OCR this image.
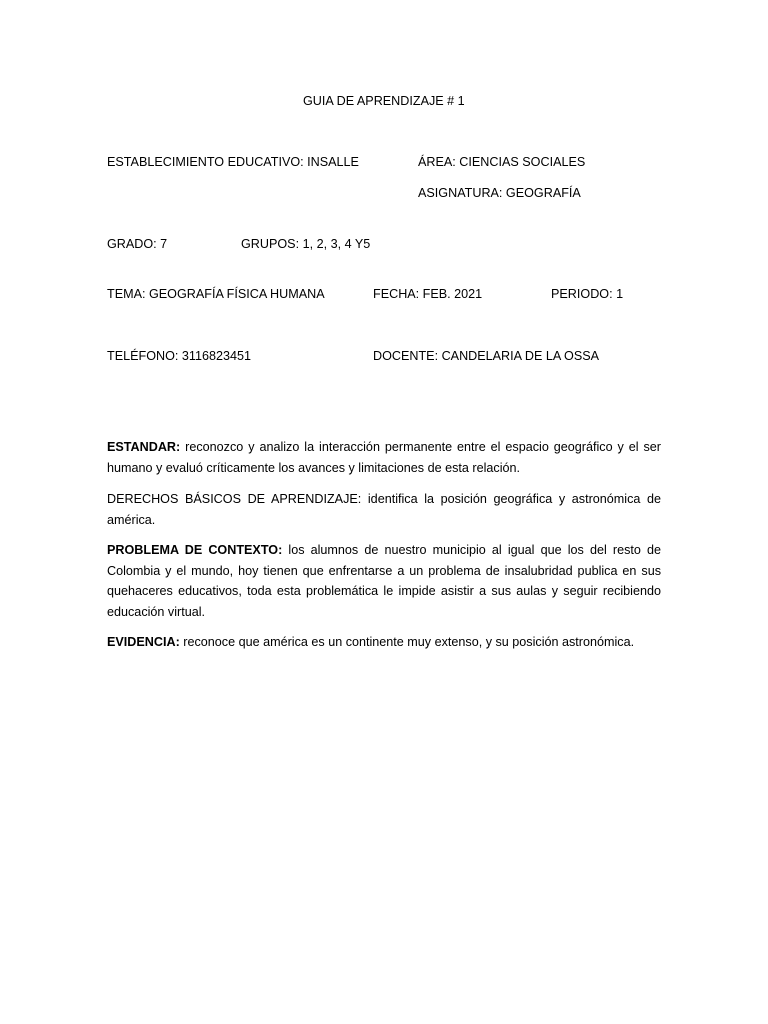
GUIA DE APRENDIZAJE # 1
ESTABLECIMIENTO EDUCATIVO: INSALLE	ÁREA: CIENCIAS SOCIALES
ASIGNATURA: GEOGRAFÍA
GRADO: 7	GRUPOS: 1, 2, 3, 4 Y5
TEMA: GEOGRAFÍA FÍSICA HUMANA	FECHA: FEB. 2021	PERIODO: 1
TELÉFONO: 3116823451	DOCENTE: CANDELARIA DE LA OSSA
ESTANDAR: reconozco y analizo la interacción permanente entre el espacio geográfico y el ser humano y evaluó críticamente los avances y limitaciones de esta relación.
DERECHOS BÁSICOS DE APRENDIZAJE: identifica la posición geográfica y astronómica de américa.
PROBLEMA DE CONTEXTO: los alumnos de nuestro municipio al igual que los del resto de Colombia y el mundo, hoy tienen que enfrentarse a un problema de insalubridad publica en sus quehaceres educativos, toda esta problemática le impide asistir a sus aulas y seguir recibiendo educación virtual.
EVIDENCIA: reconoce que américa es un continente muy extenso, y su posición astronómica.
